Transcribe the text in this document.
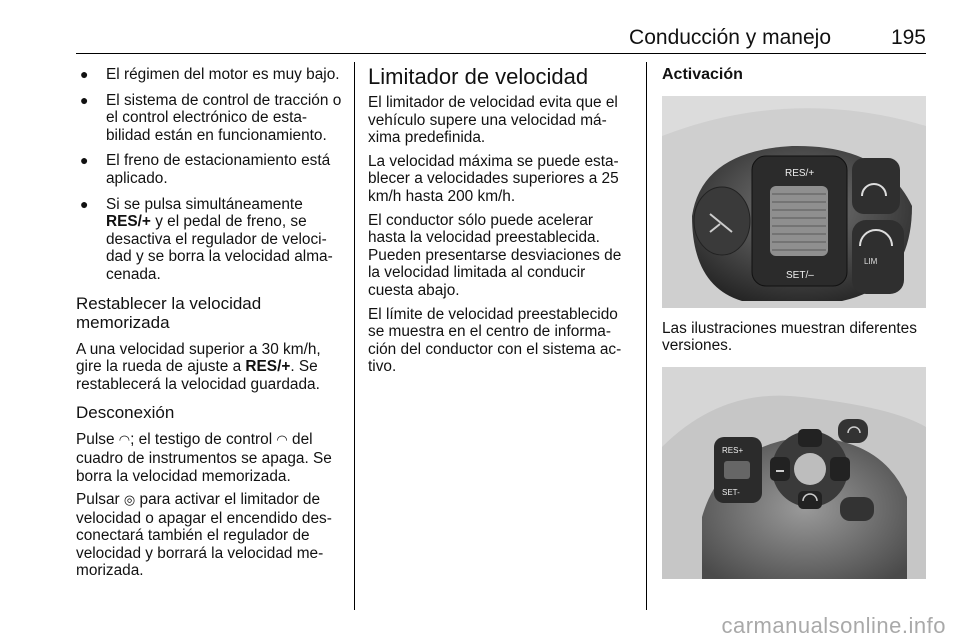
Conducción y manejo	195
● El régimen del motor es muy bajo.
● El sistema de control de tracción o el control electrónico de esta-bilidad están en funcionamiento.
● El freno de estacionamiento está aplicado.
● Si se pulsa simultáneamente RES/+ y el pedal de freno, se desactiva el regulador de veloci-dad y se borra la velocidad alma-cenada.
Restablecer la velocidad memorizada

A una velocidad superior a 30 km/h, gire la rueda de ajuste a RES/+. Se restablecerá la velocidad guardada.

Desconexión

Pulse ◠; el testigo de control ◠ del cuadro de instrumentos se apaga. Se borra la velocidad memorizada.

Pulsar ◎ para activar el limitador de velocidad o apagar el encendido des-conectará también el regulador de velocidad y borrará la velocidad me-morizada.

Limitador de velocidad

El limitador de velocidad evita que el vehículo supere una velocidad má-xima predefinida.

La velocidad máxima se puede esta-blecer a velocidades superiores a 25 km/h hasta 200 km/h.

El conductor sólo puede acelerar hasta la velocidad preestablecida. Pueden presentarse desviaciones de la velocidad limitada al conducir cuesta abajo.

El límite de velocidad preestablecido se muestra en el centro de informa-ción del conductor con el sistema ac-tivo.

Activación
RES/+
SET/–
LIM

Las ilustraciones muestran diferentes versiones.

RES+
SET-
carmanualsonline.info
